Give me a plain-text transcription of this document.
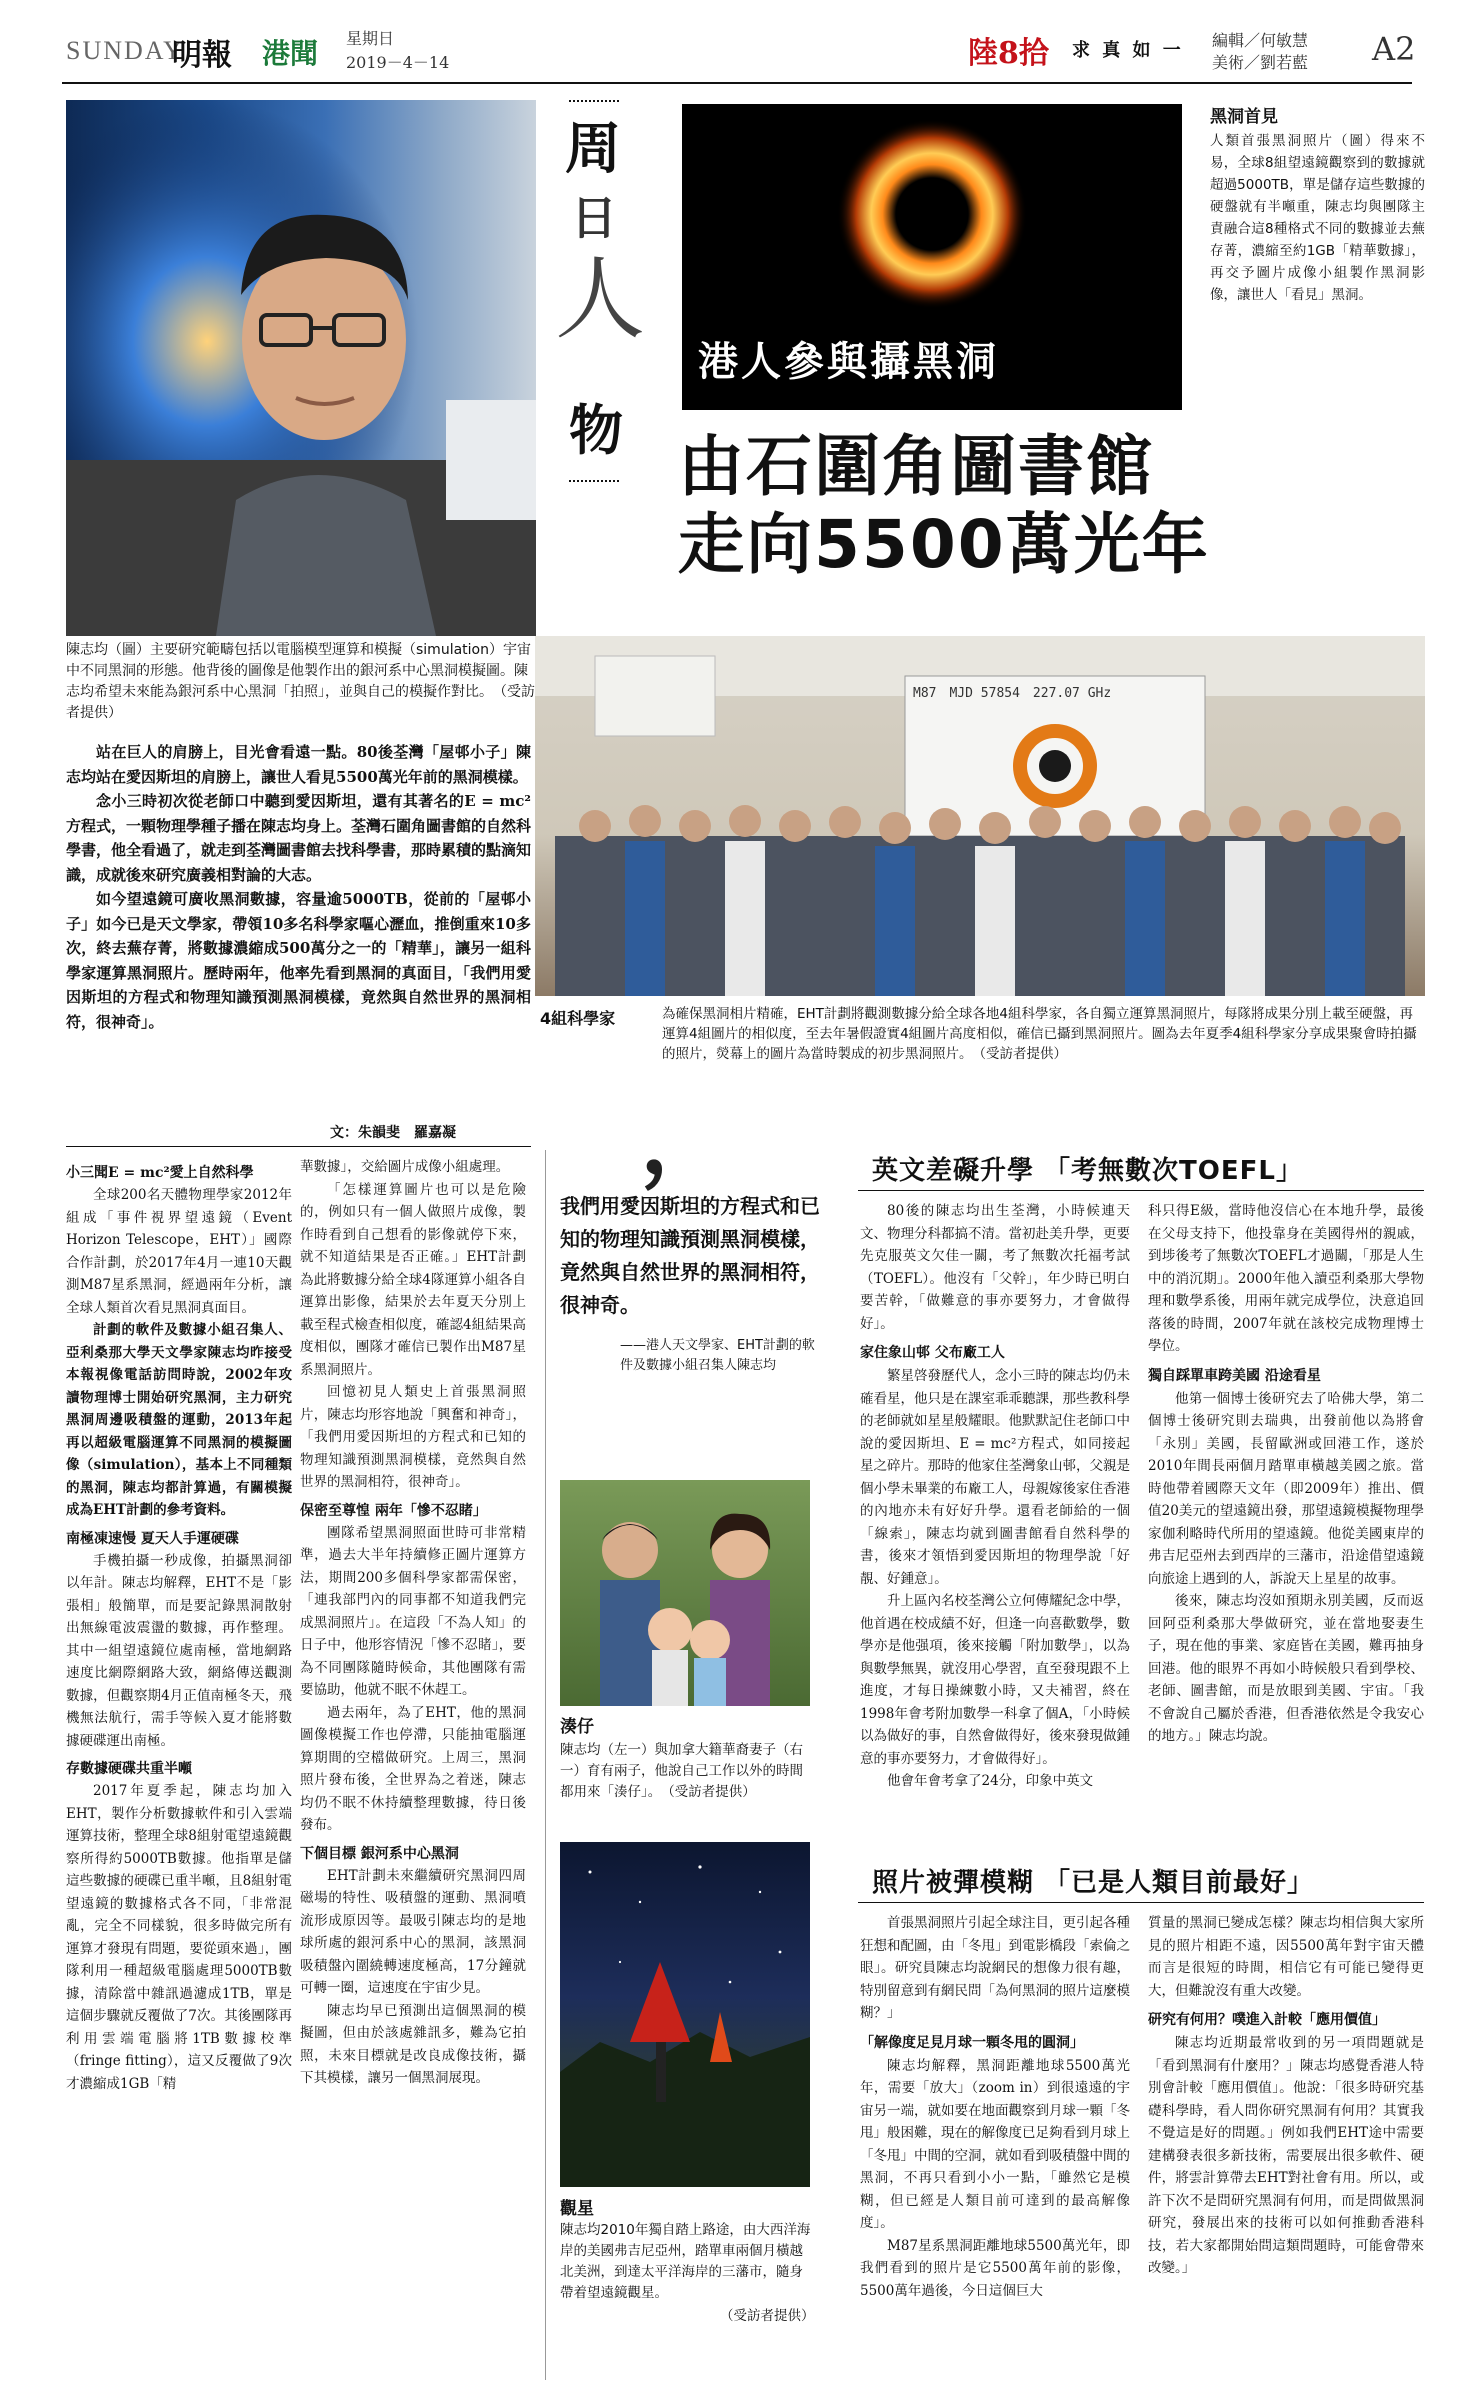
SUNDAY
明報 港聞 星期日
2019－4－14	陸8拾 求 真 如 一 編輯／何敏慧
美術／劉若藍 A2
周
日
人
物
港人參與攝黑洞
由石圍角圖書館
走向5500萬光年
黑洞首見
人類首張黑洞照片（圖）得來不易，全球8組望遠鏡觀察到的數據就超過5000TB，單是儲存這些數據的硬盤就有半噸重，陳志均與團隊主責融合這8種格式不同的數據並去蕪存菁，濃縮至約1GB「精華數據」，再交予圖片成像小組製作黑洞影像，讓世人「看見」黑洞。
陳志均（圖）主要研究範疇包括以電腦模型運算和模擬（simulation）宇宙中不同黑洞的形態。他背後的圖像是他製作出的銀河系中心黑洞模擬圖。陳志均希望未來能為銀河系中心黑洞「拍照」，並與自己的模擬作對比。　（受訪者提供）
M87　MJD 57854　227.07 GHz
4組科學家	為確保黑洞相片精確，EHT計劃將觀測數據分給全球各地4組科學家，各自獨立運算黑洞照片，每隊將成果分別上載至硬盤，再運算4組圖片的相似度，至去年暑假證實4組圖片高度相似，確信已攝到黑洞照片。圖為去年夏季4組科學家分享成果聚會時拍攝的照片，熒幕上的圖片為當時製成的初步黑洞照片。　（受訪者提供）

站在巨人的肩膀上，目光會看遠一點。80後荃灣「屋邨小子」陳志均站在愛因斯坦的肩膀上，讓世人看見5500萬光年前的黑洞模樣。

念小三時初次從老師口中聽到愛因斯坦，還有其著名的E = mc²方程式，一顆物理學種子播在陳志均身上。荃灣石圍角圖書館的自然科學書，他全看過了，就走到荃灣圖書館去找科學書，那時累積的點滴知識，成就後來研究廣義相對論的大志。

如今望遠鏡可廣收黑洞數據，容量逾5000TB，從前的「屋邨小子」如今已是天文學家，帶領10多名科學家嘔心瀝血，推倒重來10多次，終去蕪存菁，將數據濃縮成500萬分之一的「精華」，讓另一組科學家運算黑洞照片。歷時兩年，他率先看到黑洞的真面目，「我們用愛因斯坦的方程式和物理知識預測黑洞模樣，竟然與自然世界的黑洞相符，很神奇」。

文：朱韻斐　羅嘉凝
小三聞E = mc²愛上自然科學

全球200名天體物理學家2012年組成「事件視界望遠鏡（Event Horizon Telescope，EHT）」國際合作計劃，於2017年4月一連10天觀測M87星系黑洞，經過兩年分析，讓全球人類首次看見黑洞真面目。

計劃的軟件及數據小組召集人、亞利桑那大學天文學家陳志均昨接受本報視像電話訪問時說，2002年攻讀物理博士開始研究黑洞，主力研究黑洞周邊吸積盤的運動，2013年起再以超級電腦運算不同黑洞的模擬圖像（simulation），基本上不同種類的黑洞，陳志均都計算過，有關模擬成為EHT計劃的參考資料。

南極凍速慢 夏天人手運硬碟

手機拍攝一秒成像，拍攝黑洞卻以年計。陳志均解釋，EHT不是「影張相」般簡單，而是要記錄黑洞散射出無線電波震盪的數據，再作整理。其中一組望遠鏡位處南極，當地網路速度比網際網路大致，網絡傳送觀測數據，但觀察期4月正值南極冬天，飛機無法航行，需手等候入夏才能將數據硬碟運出南極。

存數據硬碟共重半噸

2017年夏季起，陳志均加入EHT，製作分析數據軟件和引入雲端運算技術，整理全球8組射電望遠鏡觀察所得約5000TB數據。他指單是儲這些數據的硬碟已重半噸，且8組射電望遠鏡的數據格式各不同，「非常混亂，完全不同樣貌，很多時做完所有運算才發現有問題，要從頭來過」，團隊利用一種超級電腦處理5000TB數據，清除當中雜訊過濾成1TB，單是這個步驟就反覆做了7次。其後團隊再利用雲端電腦將1TB數據校準（fringe fitting），這又反覆做了9次才濃縮成1GB「精

華數據」，交給圖片成像小組處理。

「怎樣運算圖片也可以是危險的，例如只有一個人做照片成像，製作時看到自己想看的影像就停下來，就不知道結果是否正確。」EHT計劃為此將數據分給全球4隊運算小組各自運算出影像，結果於去年夏天分別上載至程式檢查相似度，確認4組結果高度相似，團隊才確信已製作出M87星系黑洞照片。

回憶初見人類史上首張黑洞照片，陳志均形容地說「興奮和神奇」，「我們用愛因斯坦的方程式和已知的物理知識預測黑洞模樣，竟然與自然世界的黑洞相符，很神奇」。

保密至尊惶 兩年「慘不忍睹」

團隊希望黑洞照面世時可非常精準，過去大半年持續修正圖片運算方法，期間200多個科學家都需保密，「連我部門內的同事都不知道我們完成黑洞照片」。在這段「不為人知」的日子中，他形容情況「慘不忍睹」，要為不同團隊隨時候命，其他團隊有需要協助，他就不眠不休趕工。

過去兩年，為了EHT，他的黑洞圖像模擬工作也停滯，只能抽電腦運算期間的空檔做研究。上周三，黑洞照片發布後，全世界為之着迷，陳志均仍不眠不休持續整理數據，待日後發布。

下個目標 銀河系中心黑洞

EHT計劃未來繼續研究黑洞四周磁場的特性、吸積盤的運動、黑洞噴流形成原因等。最吸引陳志均的是地球所處的銀河系中心的黑洞，該黑洞吸積盤內圍繞轉速度極高，17分鐘就可轉一圈，這速度在宇宙少見。

陳志均早已預測出這個黑洞的模擬圖，但由於該處雜訊多，難為它拍照，未來目標就是改良成像技術，攝下其模樣，讓另一個黑洞展現。

，
我們用愛因斯坦的方程式和已知的物理知識預測黑洞模樣，竟然與自然世界的黑洞相符，很神奇。
——港人天文學家、EHT計劃的軟件及數據小組召集人陳志均
湊仔
陳志均（左一）與加拿大籍華裔妻子（右一）育有兩子，他說自己工作以外的時間都用來「湊仔」。　（受訪者提供）
觀星
陳志均2010年獨自踏上路途，由大西洋海岸的美國弗吉尼亞州，踏單車兩個月橫越北美洲，到達太平洋海岸的三藩市，隨身帶着望遠鏡觀星。
（受訪者提供）
英文差礙升學 「考無數次TOEFL」

80後的陳志均出生荃灣，小時候連天文、物理分科都搞不清。當初赴美升學，更要先克服英文欠佳一關，考了無數次托福考試（TOEFL）。他沒有「父幹」，年少時已明白要苦幹，「做難意的事亦要努力，才會做得好」。

家住象山邨 父布廠工人

繁星啓發歷代人，念小三時的陳志均仍未確看星，他只是在課室乖乖聽課，那些教科學的老師就如星星般耀眼。他默默記住老師口中說的愛因斯坦、E = mc²方程式，如同接起星之碎片。那時的他家住荃灣象山邨，父親是個小學未畢業的布廠工人，母親嫁後家住香港的內地亦未有好好升學。還看老師給的一個「線索」，陳志均就到圖書館看自然科學的書，後來才領悟到愛因斯坦的物理學說「好靚、好鍾意」。

升上區內名校荃灣公立何傳耀紀念中學，他首遇在校成績不好，但逢一向喜歡數學，數學亦是他强項，後來接觸「附加數學」，以為與數學無異，就沒用心學習，直至發現跟不上進度，才每日操練數小時，又夫補習，終在1998年會考附加數學一科拿了個A，「小時候以為做好的事，自然會做得好，後來發現做鍾意的事亦要努力，才會做得好」。

他會年會考拿了24分，印象中英文

科只得E級，當時他沒信心在本地升學，最後在父母支持下，他投靠身在美國得州的親戚，到埗後考了無數次TOEFL才過關，「那是人生中的消沉期」。2000年他入讀亞利桑那大學物理和數學系後，用兩年就完成學位，決意追回落後的時間，2007年就在該校完成物理博士學位。

獨自踩單車跨美國 沿途看星

他第一個博士後研究去了哈佛大學，第二個博士後研究則去瑞典，出發前他以為將會「永別」美國，長留歐洲或回港工作，遂於2010年間長兩個月踏單車橫越美國之旅。當時他帶着國際天文年（即2009年）推出、價值20美元的望遠鏡出發，那望遠鏡模擬物理學家伽利略時代所用的望遠鏡。他從美國東岸的弗吉尼亞州去到西岸的三藩市，沿途借望遠鏡向旅途上遇到的人，訴說天上星星的故事。

後來，陳志均沒如預期永別美國，反而返回阿亞利桑那大學做研究，並在當地娶妻生子，現在他的事業、家庭皆在美國，難再抽身回港。他的眼界不再如小時候般只看到學校、老師、圖書館，而是放眼到美國、宇宙。「我不會說自己屬於香港，但香港依然是令我安心的地方。」陳志均說。

照片被彈模糊 「已是人類目前最好」

首張黑洞照片引起全球注目，更引起各種狂想和配圖，由「冬甩」到電影橋段「索倫之眼」。研究員陳志均說網民的想像力很有趣，特別留意到有網民問「為何黑洞的照片這麼模糊？」

「解像度足見月球一顆冬甩的圓洞」

陳志均解釋，黑洞距離地球5500萬光年，需要「放大」（zoom in）到很遠遠的宇宙另一端，就如要在地面觀察到月球一顆「冬甩」般困難，現在的解像度已足夠看到月球上「冬甩」中間的空洞，就如看到吸積盤中間的黑洞，不再只看到小小一點，「雖然它是模糊，但已經是人類目前可達到的最高解像度」。

M87星系黑洞距離地球5500萬光年，即我們看到的照片是它5500萬年前的影像，5500萬年過後，今日這個巨大

質量的黑洞已變成怎樣？陳志均相信與大家所見的照片相距不遠，因5500萬年對宇宙天體而言是很短的時間，相信它有可能已變得更大，但難說沒有重大改變。

研究有何用？噗進入計較「應用價值」

陳志均近期最常收到的另一項問題就是「看到黑洞有什麼用？」陳志均感覺香港人特別會計較「應用價值」。他說：「很多時研究基礎科學時，看人問你研究黑洞有何用？其實我不覺這是好的問題。」例如我們EHT途中需要建構發表很多新技術，需要展出很多軟件、硬件，將雲計算帶去EHT對社會有用。所以，或許下次不是問研究黑洞有何用，而是問做黑洞研究，發展出來的技術可以如何推動香港科技，若大家都開始問這類問題時，可能會帶來改變。」
